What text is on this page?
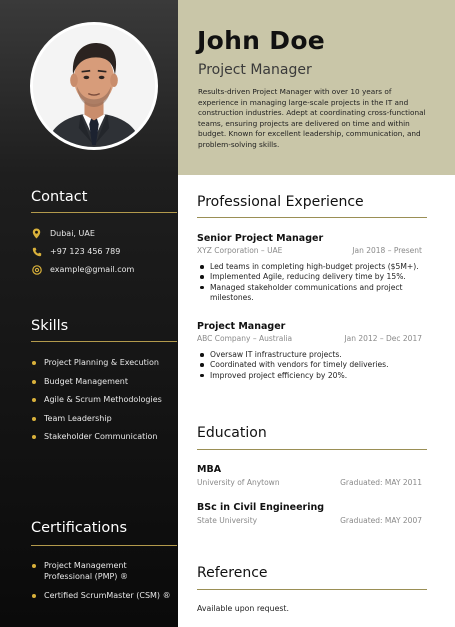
John Doe
Project Manager
Results-driven Project Manager with over 10 years of experience in managing large-scale projects in the IT and construction industries. Adept at coordinating cross-functional teams, ensuring projects are delivered on time and within budget. Known for excellent leadership, communication, and problem-solving skills.
Contact
Dubai, UAE
+97 123 456 789
example@gmail.com
Skills
Project Planning & Execution
Budget Management
Agile & Scrum Methodologies
Team Leadership
Stakeholder Communication
Certifications
Project Management Professional (PMP) ®
Certified ScrumMaster (CSM) ®
Professional Experience
Senior Project Manager
XYZ Corporation – UAE	Jan 2018 – Present
Led teams in completing high-budget projects ($5M+).
Implemented Agile, reducing delivery time by 15%.
Managed stakeholder communications and project milestones.
Project Manager
ABC Company – Australia	Jan 2012 – Dec 2017
Oversaw IT infrastructure projects.
Coordinated with vendors for timely deliveries.
Improved project efficiency by 20%.
Education
MBA
University of Anytown	Graduated: MAY 2011
BSc in Civil Engineering
State University	Graduated: MAY 2007
Reference
Available upon request.
